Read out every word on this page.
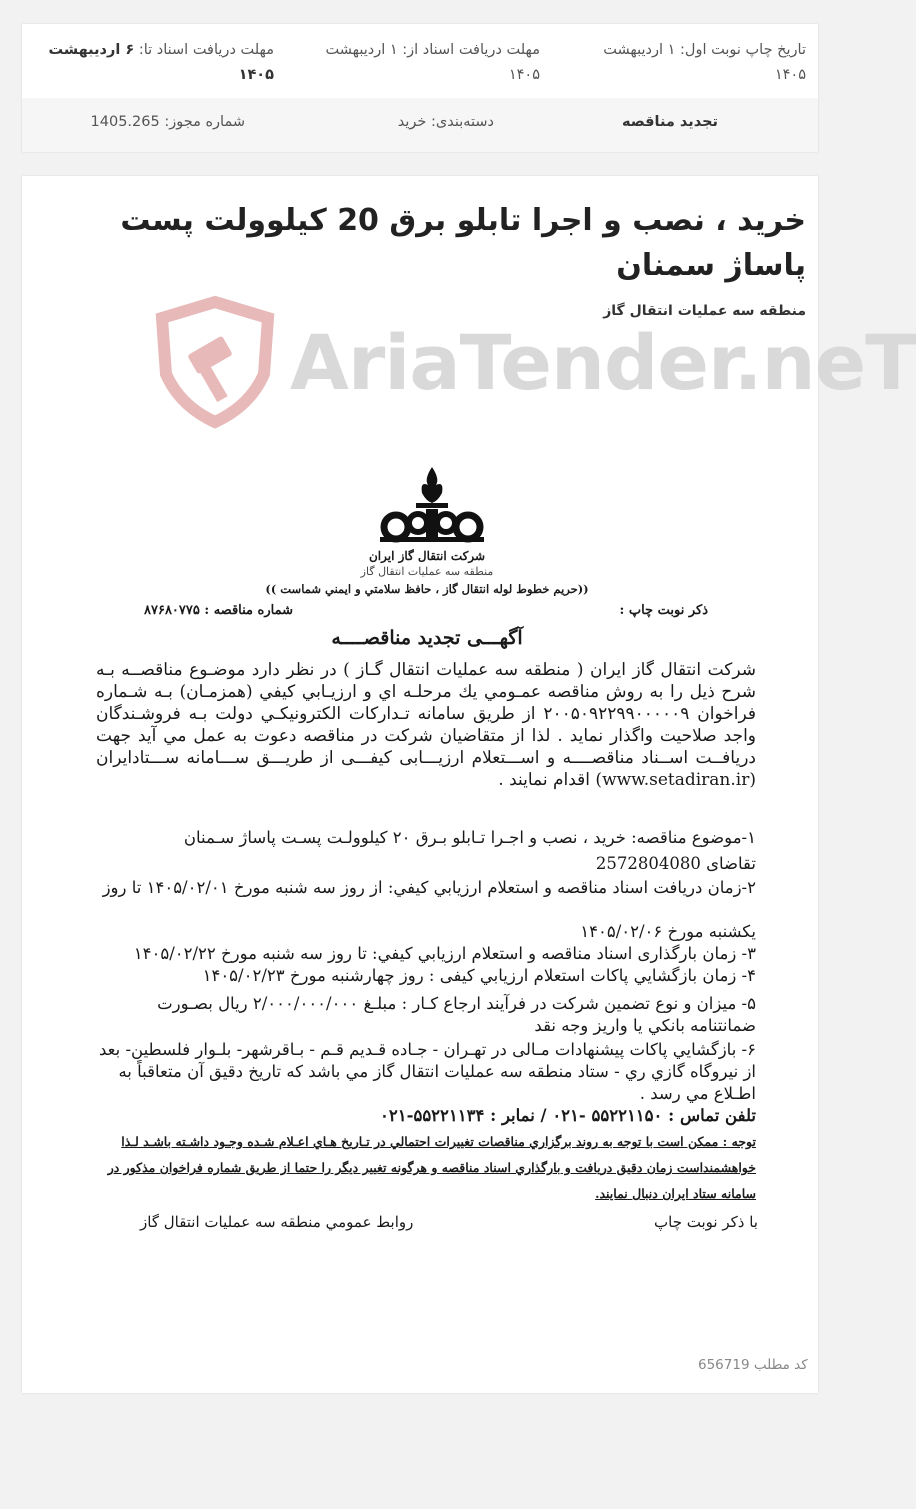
تاریخ چاپ نوبت اول: ۱ اردیبهشت ۱۴۰۵
مهلت دریافت اسناد از: ۱ اردیبهشت ۱۴۰۵
مهلت دریافت اسناد تا: ۶ اردیبهشت ۱۴۰۵
تجدید مناقصه
دسته‌بندی: خرید
شماره مجوز: 1405.265
خرید ، نصب و اجرا تابلو برق 20 کیلوولت پست پاساژ سمنان
منطقه سه عملیات انتقال گاز
AriaTender.neT
شركت انتقال گاز ايران
منطقه سه عمليات انتقال گاز
((حريم خطوط لوله انتقال گاز ، حافظ سلامتي و ايمني شماست ))
ذكر نوبت چاپ :
شماره مناقصه : ۸۷۶۸۰۷۷۵
آگهـــی تجدید مناقصــــه
شركت انتقال گاز ايران ( منطقه سه عمليات انتقال گـاز ) در نظر دارد موضـوع مناقصــه بـه شرح ذيل را به روش مناقصه عمـومي يك مرحلـه اي و ارزيـابي كيفي (همزمـان) بـه شـماره فراخوان ۲۰۰۵۰۹۲۲۹۹۰۰۰۰۰۹ از طريق سامانه تـداركات الكترونيكـي دولت بـه فروشـندگان واجد صلاحيت واگذار نمايد . لذا از متقاضيان شركت در مناقصه دعوت به عمل مي آيد جهت دريافــت اســناد مناقصــــه و اســـتعلام ارزيـــابی كيفـــی از طريـــق ســـامانه ســـتادايران (www.setadiran.ir) اقدام نمايند .
۱-موضوع مناقصه: خريد ، نصب و اجـرا تـابلو بـرق ۲۰ كيلوولـت پسـت پاساژ سـمنان
تقاضای 2572804080
۲-زمان دريافت اسناد مناقصه و استعلام ارزيابي كيفي: از روز سه شنبه مورخ ۱۴۰۵/۰۲/۰۱ تا روز
يكشنبه مورخ ۱۴۰۵/۰۲/۰۶
۳- زمان بارگذاری اسناد مناقصه و استعلام ارزيابي كيفي: تا روز سه شنبه مورخ ۱۴۰۵/۰۲/۲۲
۴- زمان بازگشايي پاكات استعلام ارزيابي كيفی : روز چهارشنبه مورخ ۱۴۰۵/۰۲/۲۳
۵- ميزان و نوع تضمين شركت در فرآيند ارجاع كـار : مبلـغ ۲/۰۰۰/۰۰۰/۰۰۰ ريال بصـورت ضمانتنامه بانكي يا واريز وجه نقد
۶- بازگشايي پاكات پيشنهادات مـالی در تهـران - جـاده قـديم قـم - بـاقرشهر- بلـوار فلسطين- بعد از نيروگاه گازي ري - ستاد منطقه سه عمليات انتقال گاز مي باشد كه تاريخ دقيق آن متعاقباً به اطـلاع مي رسد .
تلفن تماس : ۵۵۲۲۱۱۵۰ -۰۲۱ / نمابر : ۵۵۲۲۱۱۳۴-۰۲۱
توجه : ممكن است با توجه به روند برگزاري مناقصات تغييرات احتمالي در تـاريخ هـاي اعـلام شـده وجـود داشـته باشـد لـذا خواهشمنداست زمان دقيق دريافت و بارگذاري اسناد مناقصه و هرگونه تغيير ديگر را حتما از طريق شماره فراخوان مذكور در سامانه ستاد ايران دنبال نمايند.
با ذكر نوبت چاپ
روابط عمومي منطقه سه عمليات انتقال گاز
کد مطلب 656719
